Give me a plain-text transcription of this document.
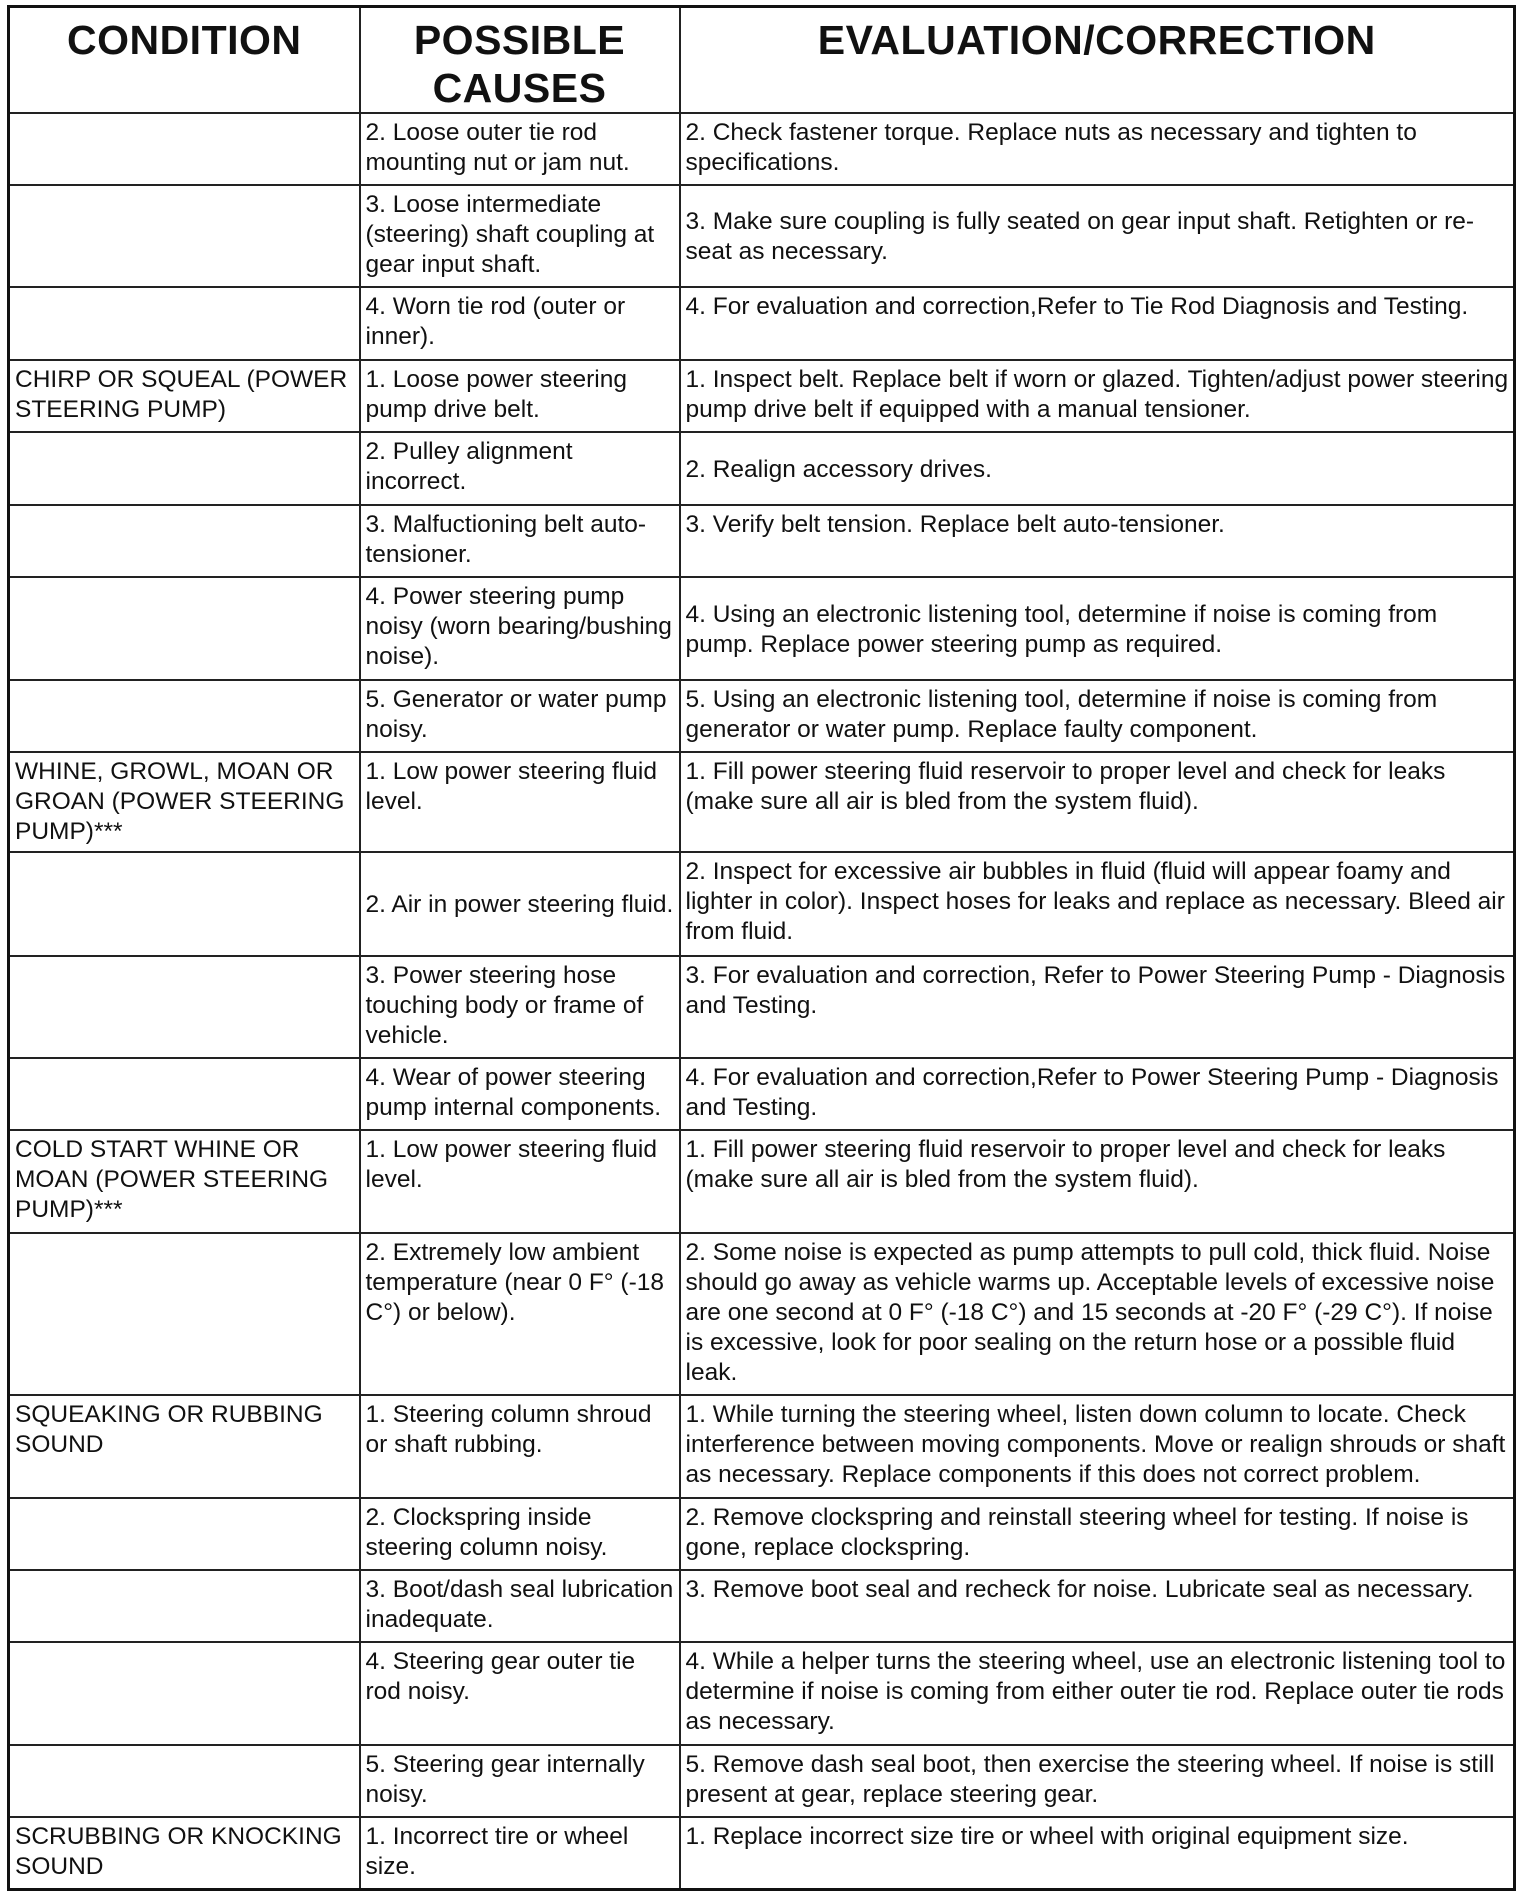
CONDITION	POSSIBLE CAUSES	EVALUATION/CORRECTION
	2. Loose outer tie rod mounting nut or jam nut.	2. Check fastener torque. Replace nuts as necessary and tighten to specifications.
	3. Loose intermediate (steering) shaft coupling at gear input shaft.	3. Make sure coupling is fully seated on gear input shaft. Retighten or re-seat as necessary.
	4. Worn tie rod (outer or inner).	4. For evaluation and correction,Refer to Tie Rod Diagnosis and Testing.
CHIRP OR SQUEAL (POWER STEERING PUMP)	1. Loose power steering pump drive belt.	1. Inspect belt. Replace belt if worn or glazed. Tighten/adjust power steering pump drive belt if equipped with a manual tensioner.
	2. Pulley alignment incorrect.	2. Realign accessory drives.
	3. Malfuctioning belt auto-tensioner.	3. Verify belt tension. Replace belt auto-tensioner.
	4. Power steering pump noisy (worn bearing/bushing noise).	4. Using an electronic listening tool, determine if noise is coming from pump. Replace power steering pump as required.
	5. Generator or water pump noisy.	5. Using an electronic listening tool, determine if noise is coming from generator or water pump. Replace faulty component.
WHINE, GROWL, MOAN OR GROAN (POWER STEERING PUMP)***	1. Low power steering fluid level.	1. Fill power steering fluid reservoir to proper level and check for leaks (make sure all air is bled from the system fluid).
	2. Air in power steering fluid.	2. Inspect for excessive air bubbles in fluid (fluid will appear foamy and lighter in color). Inspect hoses for leaks and replace as necessary. Bleed air from fluid.
	3. Power steering hose touching body or frame of vehicle.	3. For evaluation and correction, Refer to Power Steering Pump - Diagnosis and Testing.
	4. Wear of power steering pump internal components.	4. For evaluation and correction,Refer to Power Steering Pump - Diagnosis and Testing.
COLD START WHINE OR MOAN (POWER STEERING PUMP)***	1. Low power steering fluid level.	1. Fill power steering fluid reservoir to proper level and check for leaks (make sure all air is bled from the system fluid).
	2. Extremely low ambient temperature (near 0 F° (-18 C°) or below).	2. Some noise is expected as pump attempts to pull cold, thick fluid. Noise should go away as vehicle warms up. Acceptable levels of excessive noise are one second at 0 F° (-18 C°) and 15 seconds at -20 F° (-29 C°). If noise is excessive, look for poor sealing on the return hose or a possible fluid leak.
SQUEAKING OR RUBBING SOUND	1. Steering column shroud or shaft rubbing.	1. While turning the steering wheel, listen down column to locate. Check interference between moving components. Move or realign shrouds or shaft as necessary. Replace components if this does not correct problem.
	2. Clockspring inside steering column noisy.	2. Remove clockspring and reinstall steering wheel for testing. If noise is gone, replace clockspring.
	3. Boot/dash seal lubrication inadequate.	3. Remove boot seal and recheck for noise. Lubricate seal as necessary.
	4. Steering gear outer tie rod noisy.	4. While a helper turns the steering wheel, use an electronic listening tool to determine if noise is coming from either outer tie rod. Replace outer tie rods as necessary.
	5. Steering gear internally noisy.	5. Remove dash seal boot, then exercise the steering wheel. If noise is still present at gear, replace steering gear.
SCRUBBING OR KNOCKING SOUND	1. Incorrect tire or wheel size.	1. Replace incorrect size tire or wheel with original equipment size.
